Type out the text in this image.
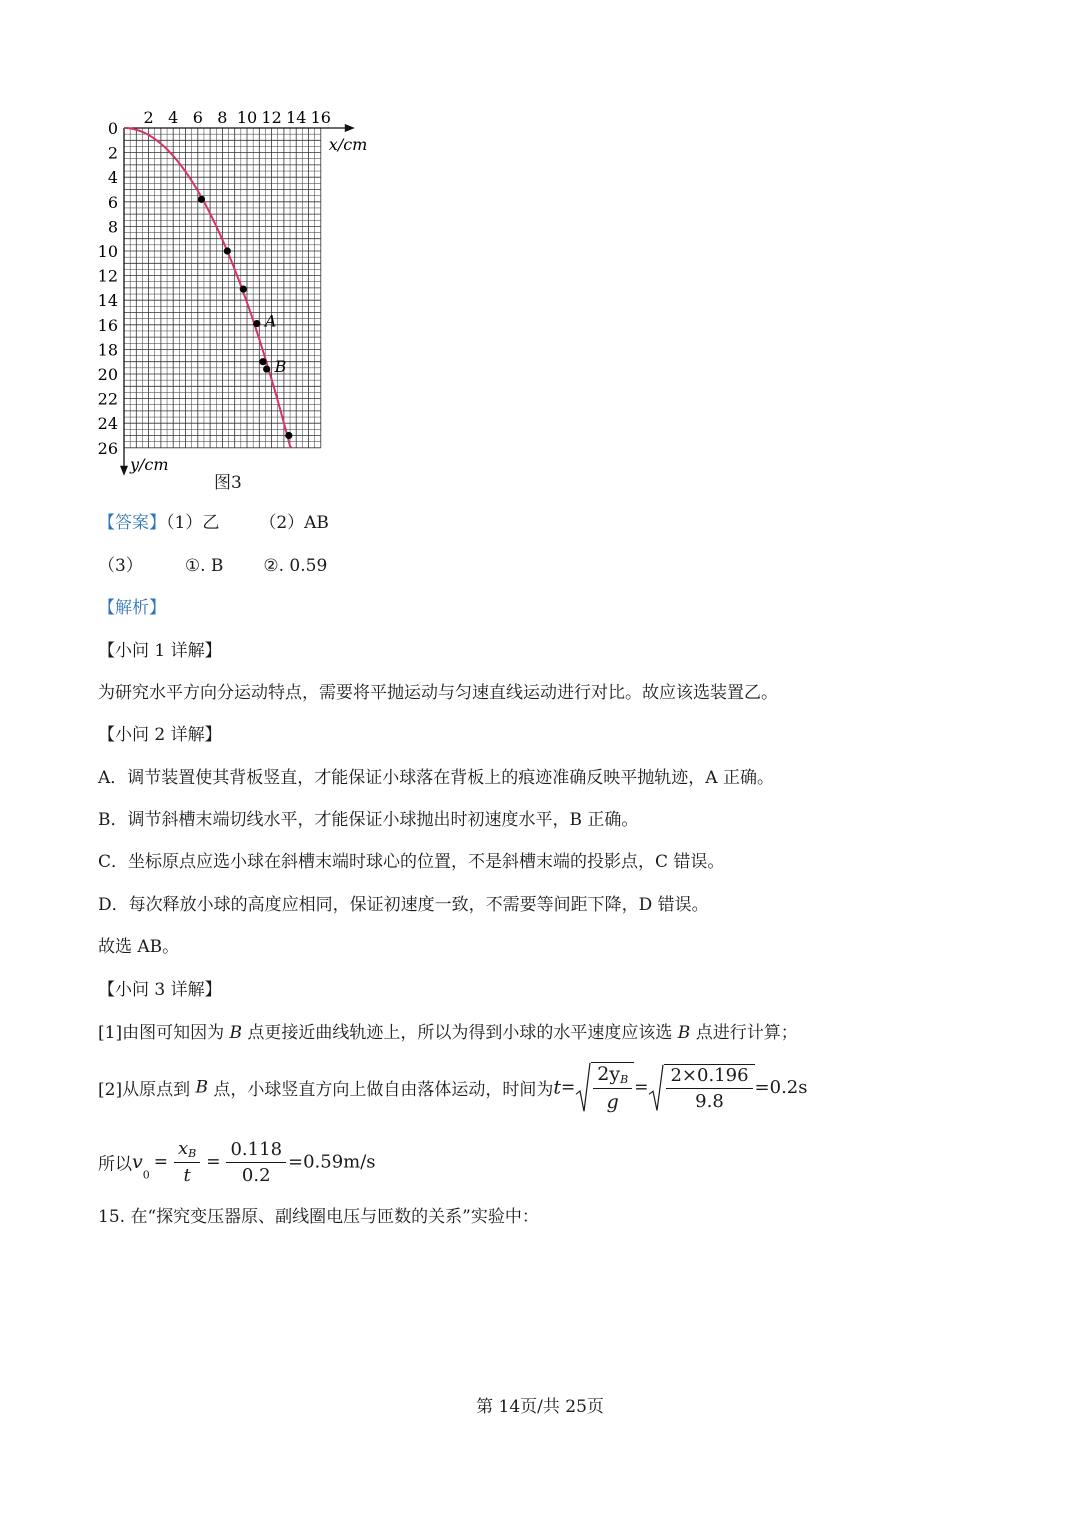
2 4 6 8 10 12 14 16
0
2
4
6
8
10
12
14
16
18
20
22
24
26
x/cm
y/cm
A
B
图3
【答案】（1）乙 （2）AB
（3） ①. B ②. 0.59
【解析】
【小问 1 详解】
为研究水平方向分运动特点，需要将平抛运动与匀速直线运动进行对比。故应该选装置乙。
【小问 2 详解】
A．调节装置使其背板竖直，才能保证小球落在背板上的痕迹准确反映平抛轨迹，A 正确。
B．调节斜槽末端切线水平，才能保证小球抛出时初速度水平，B 正确。
C．坐标原点应选小球在斜槽末端时球心的位置，不是斜槽末端的投影点，C 错误。
D．每次释放小球的高度应相同，保证初速度一致，不需要等间距下降，D 错误。
故选 AB。
【小问 3 详解】
[1]由图可知因为 B 点更接近曲线轨迹上，所以为得到小球的水平速度应该选 B 点进行计算；
[2]从原点到 B 点，小球竖直方向上做自由落体运动，时间为$t= \frac{2y_B}{g} = \frac{2\times 0.196}{9.8} =0.2s$
所以$v_0= \frac{x_B}{t} = \frac{0.118}{0.2} =0.59m/s$
15. 在“探究变压器原、副线圈电压与匝数的关系”实验中：
第 14页/共 25页
